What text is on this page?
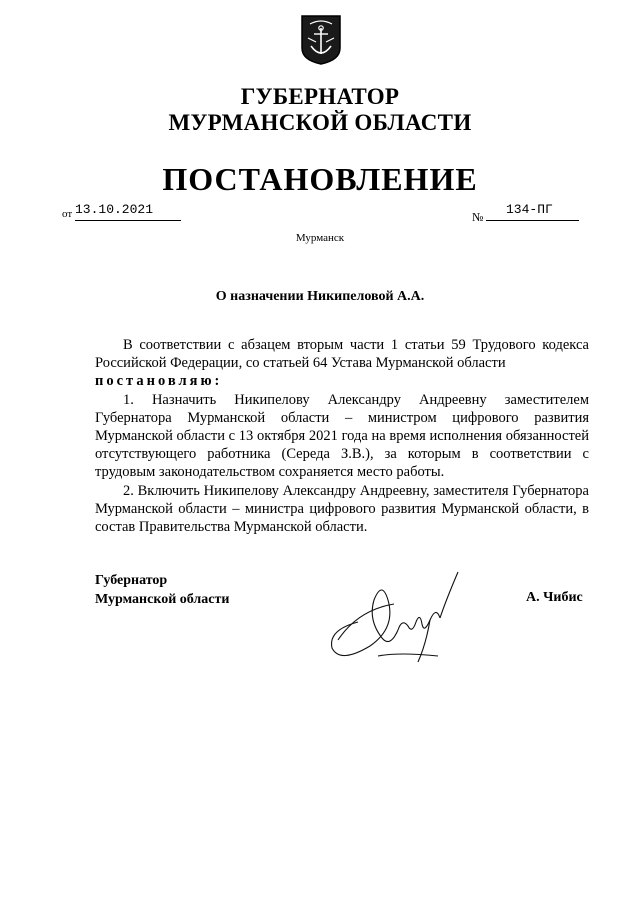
ГУБЕРНАТОР
МУРМАНСКОЙ ОБЛАСТИ
ПОСТАНОВЛЕНИЕ
от 13.10.2021	№	134-ПГ
Мурманск
О назначении Никипеловой А.А.

В соответствии с абзацем вторым части 1 статьи 59 Трудового кодекса Российской Федерации, со статьей 64 Устава Мурманской области

постановляю:

1. Назначить Никипелову Александру Андреевну заместителем Губернатора Мурманской области – министром цифрового развития Мурманской области с 13 октября 2021 года на время исполнения обязанностей отсутствующего работника (Середа З.В.), за которым в соответствии с трудовым законодательством сохраняется место работы.

2. Включить Никипелову Александру Андреевну, заместителя Губернатора Мурманской области – министра цифрового развития Мурманской области, в состав Правительства Мурманской области.

Губернатор
Мурманской области	А. Чибис
